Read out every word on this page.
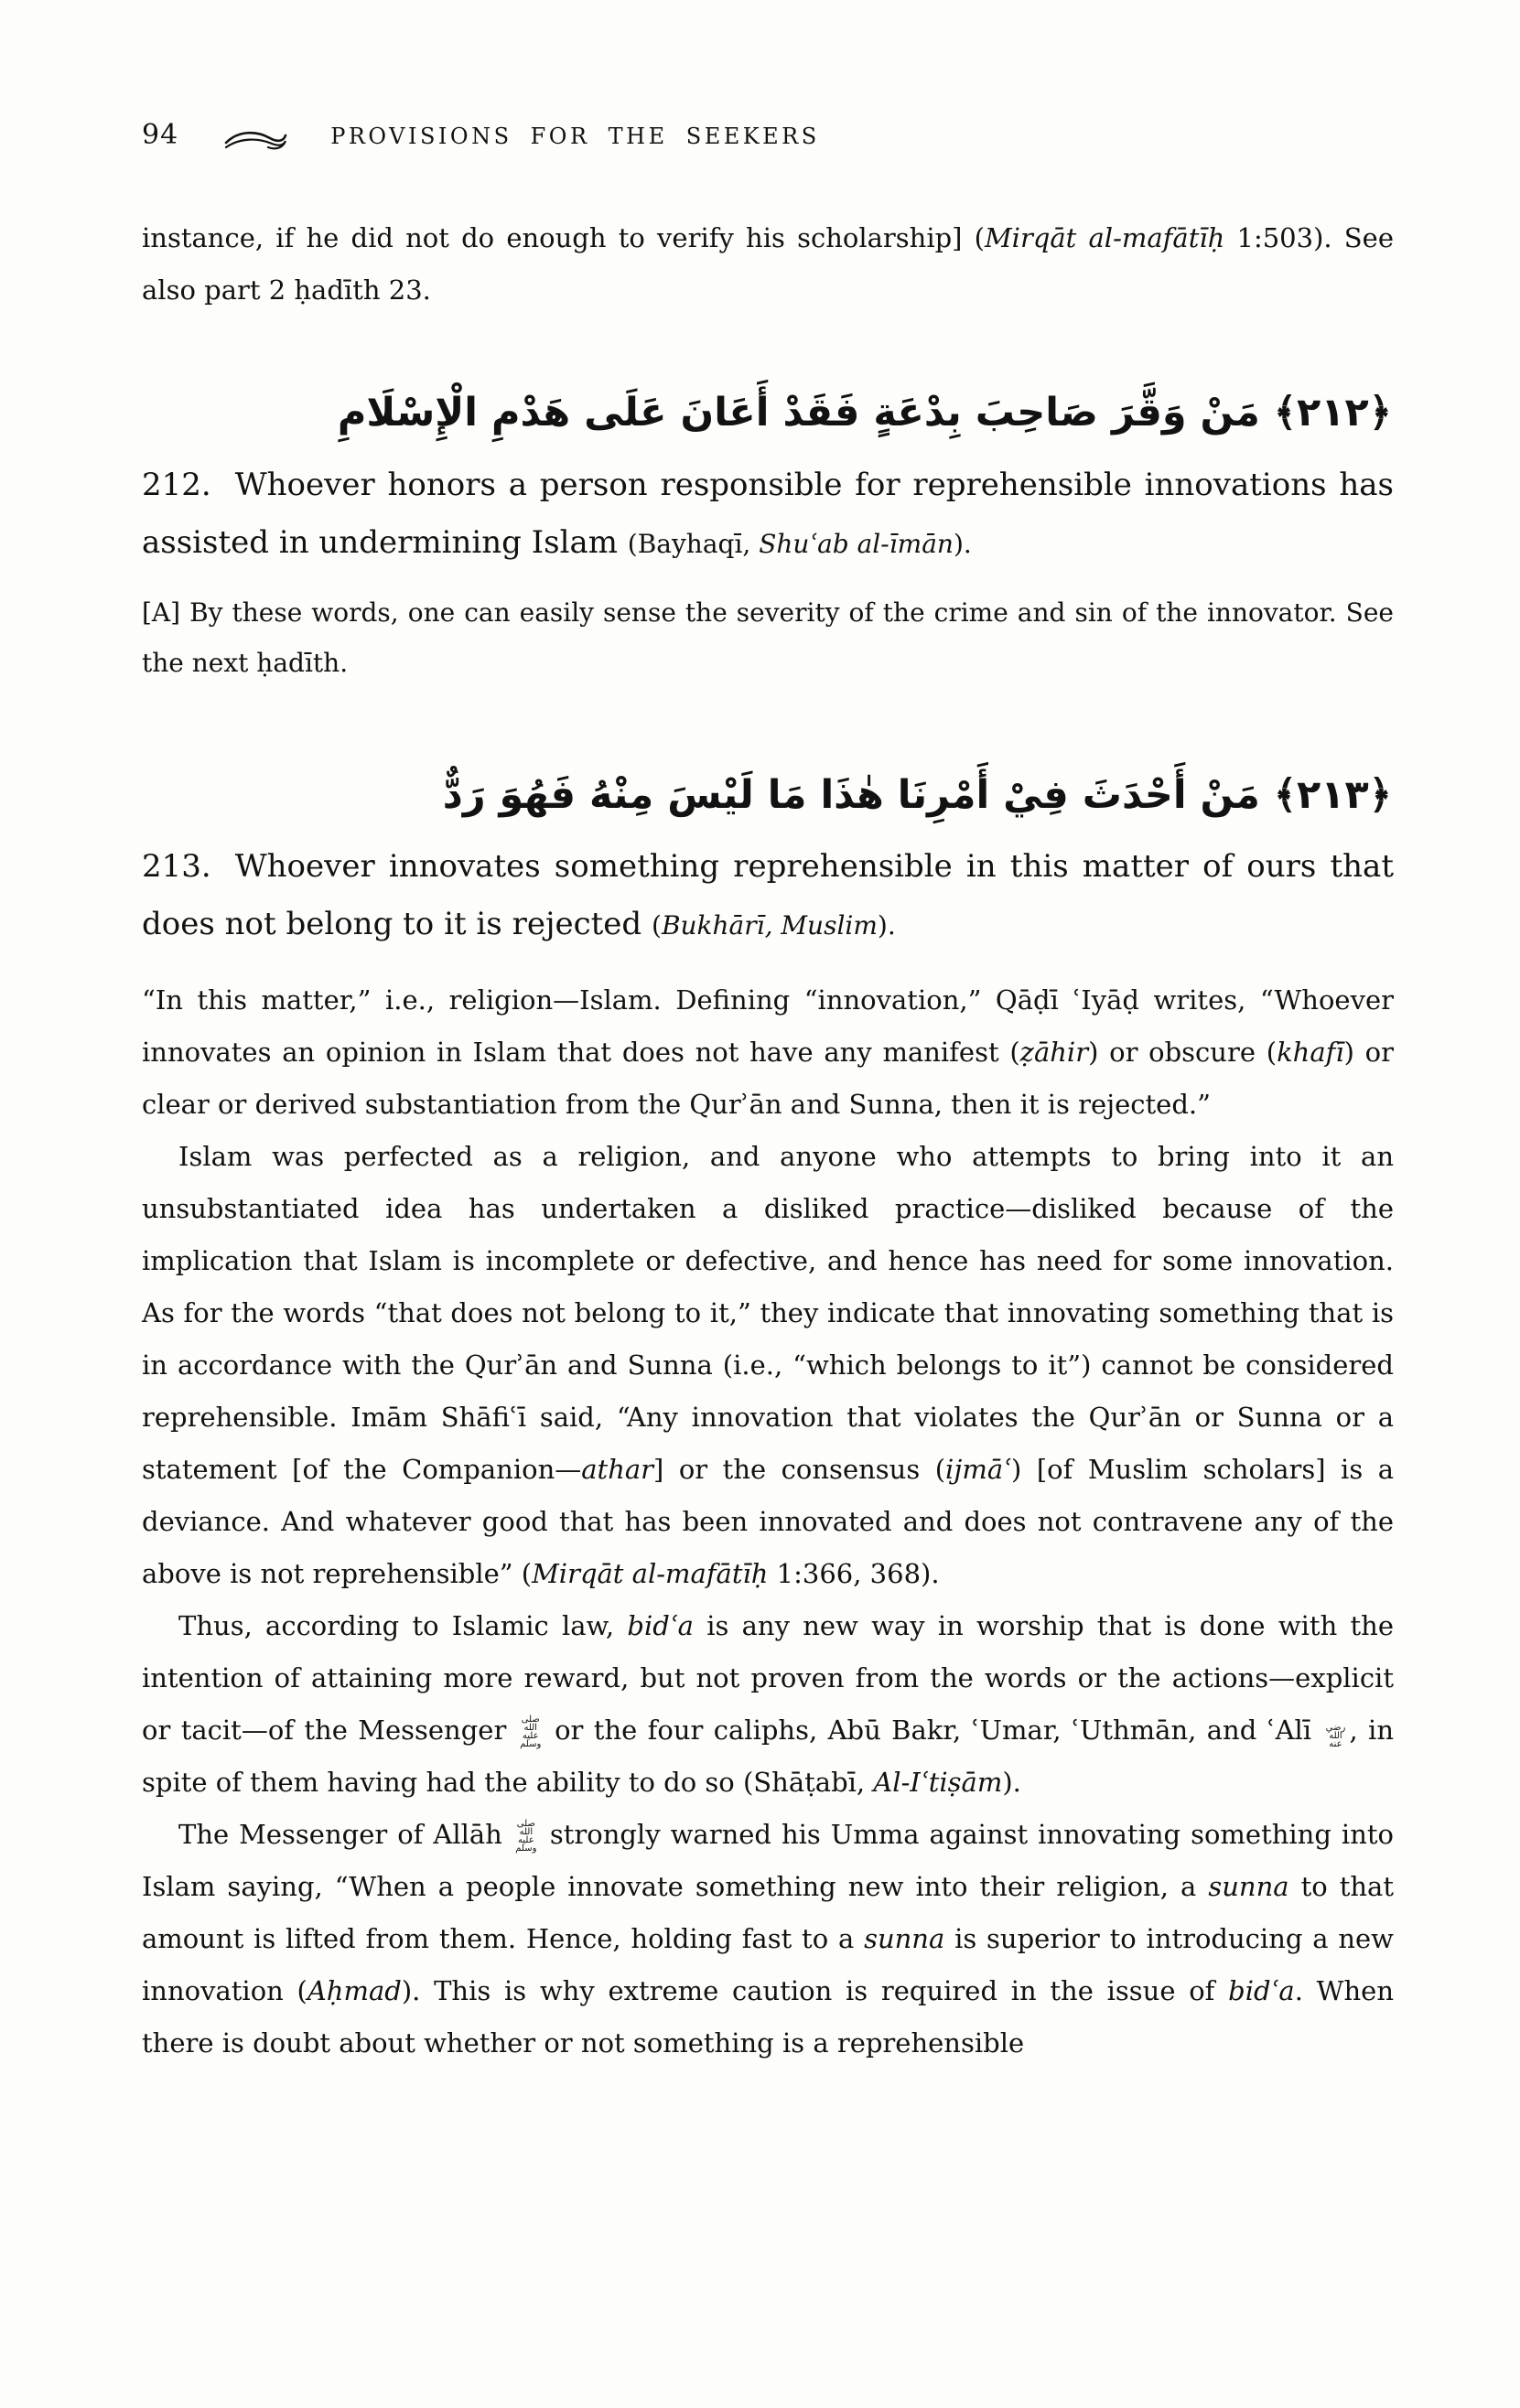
94	PROVISIONS FOR THE SEEKERS

instance, if he did not do enough to verify his scholarship] (Mirqāt al-mafātīḥ 1:503). See also part 2 ḥadīth 23.

﴿٢١٢﴾ مَنْ وَقَّرَ صَاحِبَ بِدْعَةٍ فَقَدْ أَعَانَ عَلَى هَدْمِ الْإِسْلَامِ

212. Whoever honors a person responsible for reprehensible innovations has assisted in undermining Islam (Bayhaqī, Shuʿab al-īmān).

[A] By these words, one can easily sense the severity of the crime and sin of the innovator. See the next ḥadīth.

﴿٢١٣﴾ مَنْ أَحْدَثَ فِيْ أَمْرِنَا هٰذَا مَا لَيْسَ مِنْهُ فَهُوَ رَدٌّ

213. Whoever innovates something reprehensible in this matter of ours that does not belong to it is rejected (Bukhārī, Muslim).

“In this matter,” i.e., religion—Islam. Defining “innovation,” Qāḍī ʿIyāḍ writes, “Whoever innovates an opinion in Islam that does not have any manifest (ẓāhir) or obscure (khafī) or clear or derived substantiation from the Qurʾān and Sunna, then it is rejected.”

Islam was perfected as a religion, and anyone who attempts to bring into it an unsubstantiated idea has undertaken a disliked practice—disliked because of the implication that Islam is incomplete or defective, and hence has need for some innovation. As for the words “that does not belong to it,” they indicate that innovating something that is in accordance with the Qurʾān and Sunna (i.e., “which belongs to it”) cannot be considered reprehensible. Imām Shāfiʿī said, “Any innovation that violates the Qurʾān or Sunna or a statement [of the Companion—athar] or the consensus (ijmāʿ) [of Muslim scholars] is a deviance. And whatever good that has been innovated and does not contravene any of the above is not reprehensible” (Mirqāt al-mafātīḥ 1:366, 368).

Thus, according to Islamic law, bidʿa is any new way in worship that is done with the intention of attaining more reward, but not proven from the words or the actions—explicit or tacit—of the Messenger صلى الله عليه وسلم or the four caliphs, Abū Bakr, ʿUmar, ʿUthmān, and ʿAlī رضي الله عنه , in spite of them having had the ability to do so (Shāṭabī, Al-Iʿtiṣām).

The Messenger of Allāh صلى الله عليه وسلم strongly warned his Umma against innovating something into Islam saying, “When a people innovate something new into their religion, a sunna to that amount is lifted from them. Hence, holding fast to a sunna is superior to introducing a new innovation (Aḥmad). This is why extreme caution is required in the issue of bidʿa. When there is doubt about whether or not something is a reprehensible
